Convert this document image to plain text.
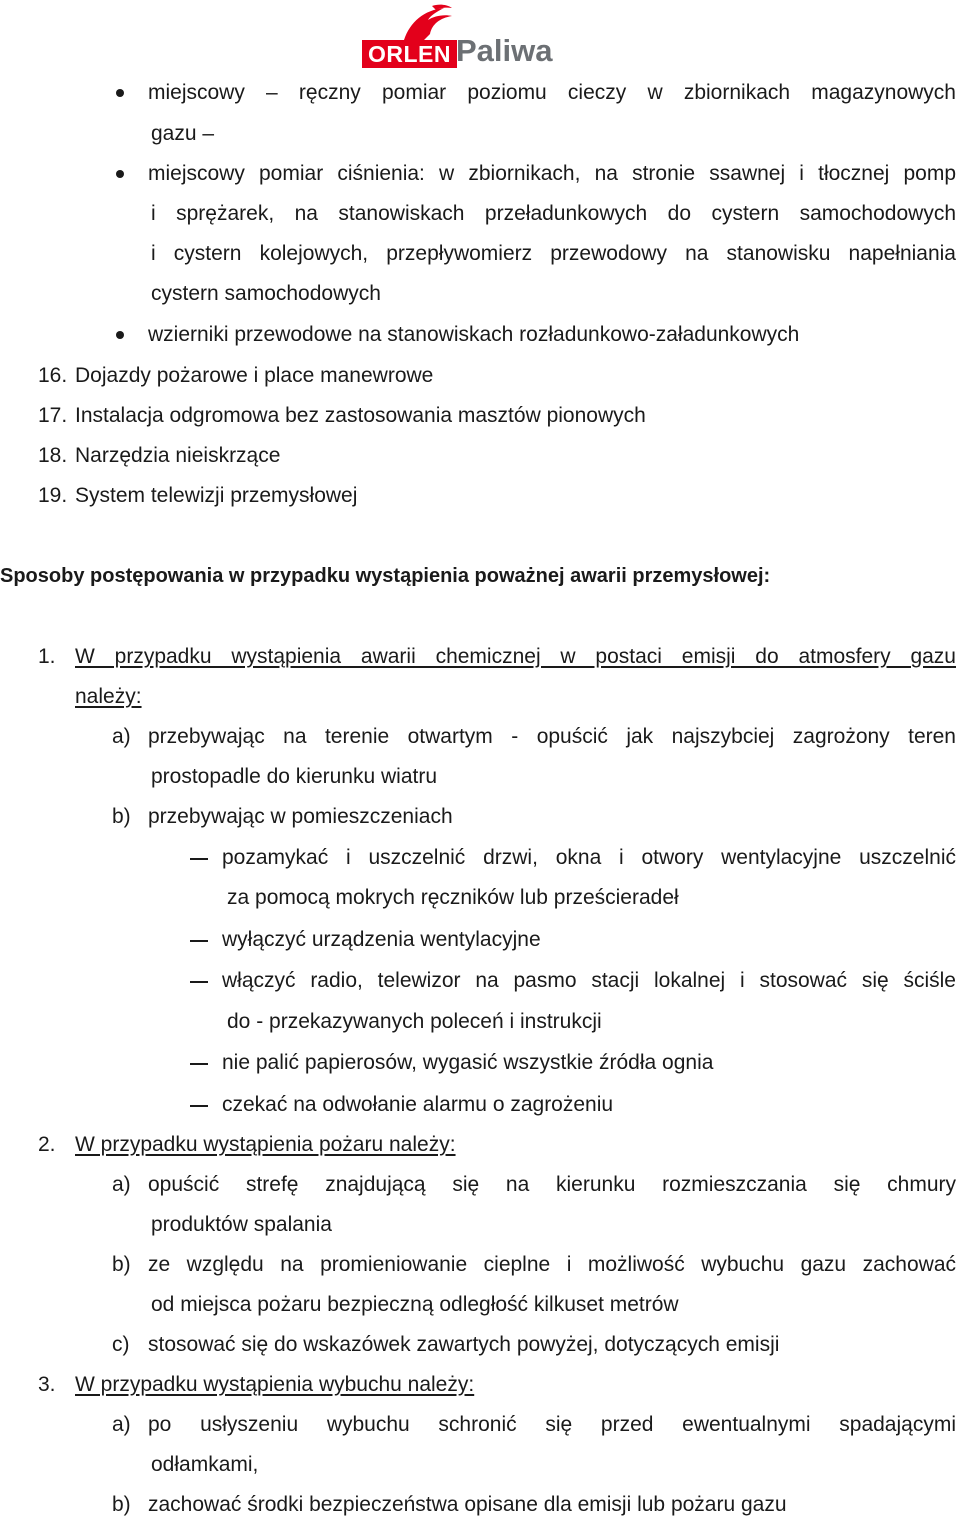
ORLEN Paliwa
miejscowy – ręczny pomiar poziomu cieczy w zbiornikach magazynowych
gazu –
miejscowy pomiar ciśnienia: w zbiornikach, na stronie ssawnej i tłocznej pomp
i sprężarek, na stanowiskach przeładunkowych do cystern samochodowych
i cystern kolejowych, przepływomierz przewodowy na stanowisku napełniania
cystern samochodowych
wzierniki przewodowe na stanowiskach rozładunkowo-załadunkowych
16. Dojazdy pożarowe i place manewrowe
17. Instalacja odgromowa bez zastosowania masztów pionowych
18. Narzędzia nieiskrzące
19. System telewizji przemysłowej
Sposoby postępowania w przypadku wystąpienia poważnej awarii przemysłowej:
1. W przypadku wystąpienia awarii chemicznej w postaci emisji do atmosfery gazu
należy:
a) przebywając na terenie otwartym - opuścić jak najszybciej zagrożony teren
prostopadle do kierunku wiatru
b) przebywając w pomieszczeniach
pozamykać i uszczelnić drzwi, okna i otwory wentylacyjne uszczelnić
za pomocą mokrych ręczników lub prześcieradeł
wyłączyć urządzenia wentylacyjne
włączyć radio, telewizor na pasmo stacji lokalnej i stosować się ściśle
do - przekazywanych poleceń i instrukcji
nie palić papierosów, wygasić wszystkie źródła ognia
czekać na odwołanie alarmu o zagrożeniu
2. W przypadku wystąpienia pożaru należy:
a) opuścić strefę znajdującą się na kierunku rozmieszczania się chmury
produktów spalania
b) ze względu na promieniowanie cieplne i możliwość wybuchu gazu zachować
od miejsca pożaru bezpieczną odległość kilkuset metrów
c) stosować się do wskazówek zawartych powyżej, dotyczących emisji
3. W przypadku wystąpienia wybuchu należy:
a) po usłyszeniu wybuchu schronić się przed ewentualnymi spadającymi
odłamkami,
b) zachować środki bezpieczeństwa opisane dla emisji lub pożaru gazu
